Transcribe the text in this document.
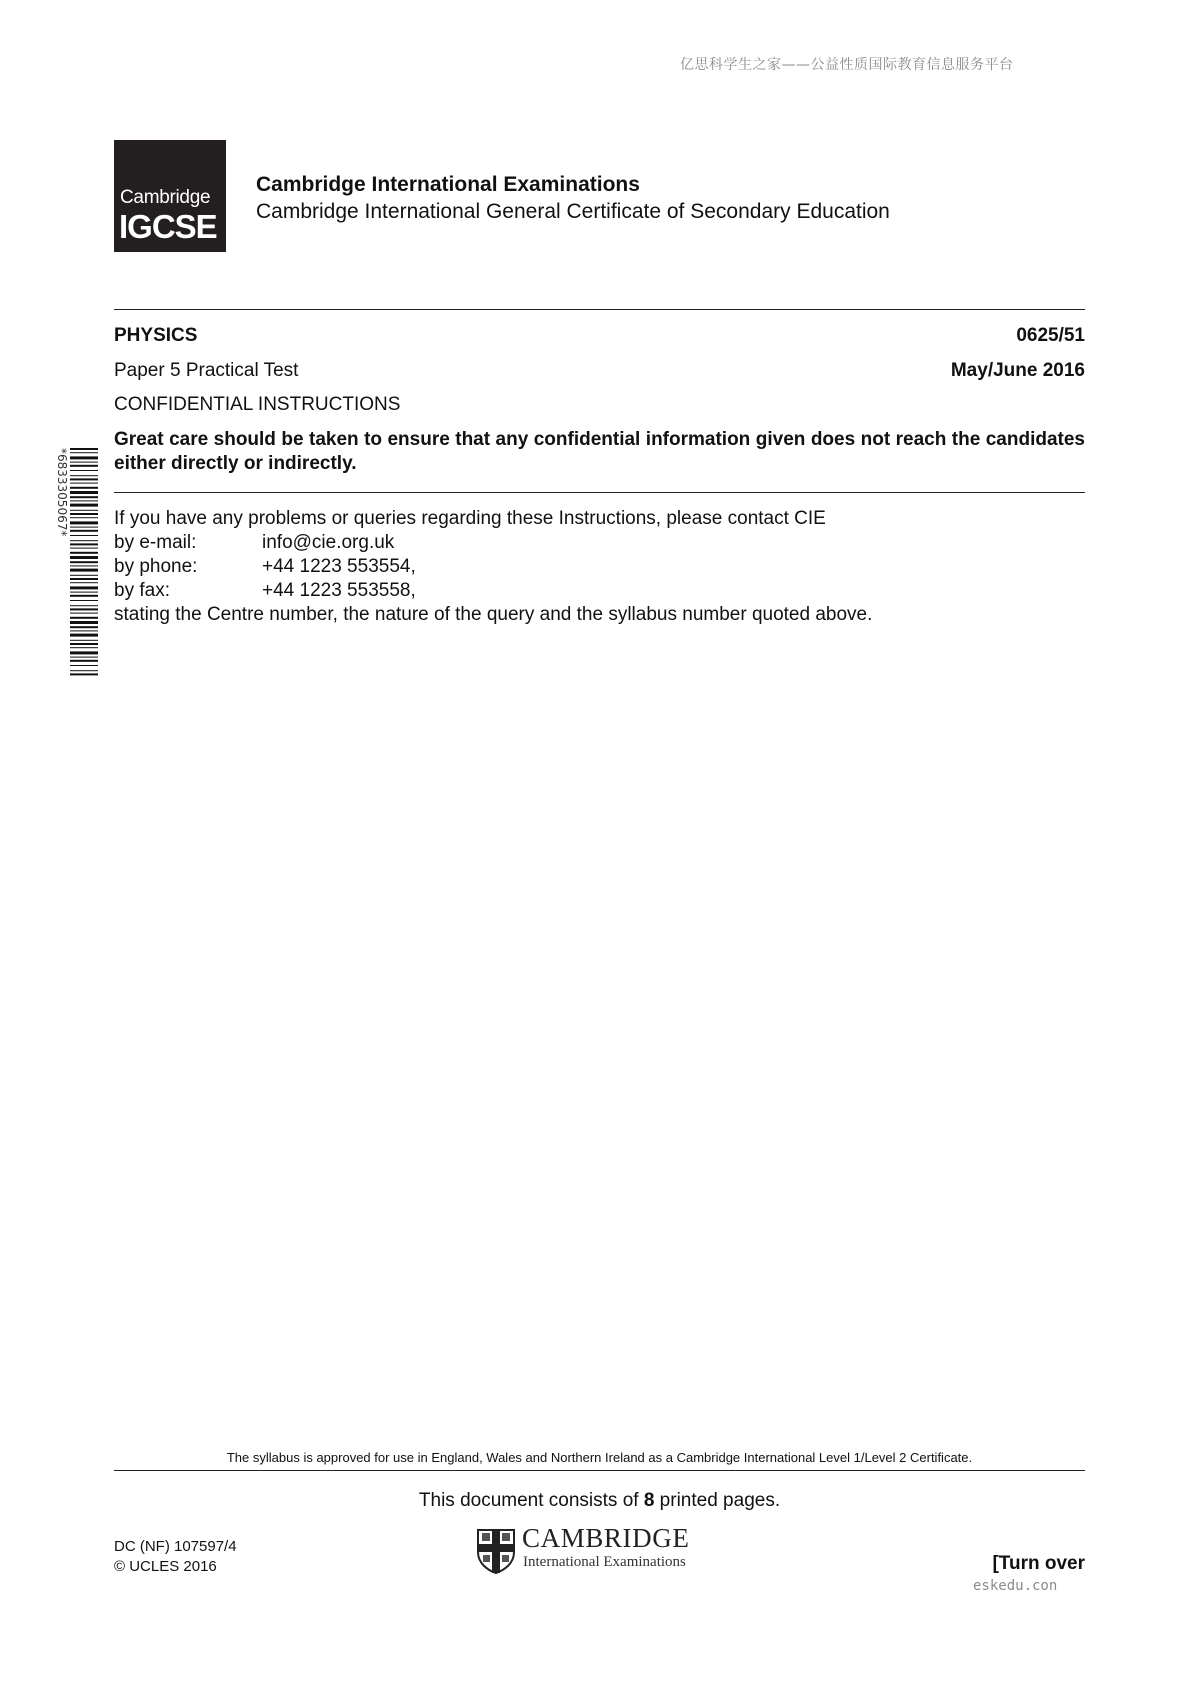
亿思科学生之家——公益性质国际教育信息服务平台
Cambridge
IGCSE
Cambridge International Examinations
Cambridge International General Certificate of Secondary Education
PHYSICS	0625/51
Paper 5 Practical Test	May/June 2016
CONFIDENTIAL INSTRUCTIONS
Great care should be taken to ensure that any confidential information given does not reach the candidates either directly or indirectly.
*6833305067* If you have any problems or queries regarding these Instructions, please contact CIE
by e-mail:	info@cie.org.uk
by phone:	+44 1223 553554,
by fax:	+44 1223 553558,
stating the Centre number, the nature of the query and the syllabus number quoted above.
The syllabus is approved for use in England, Wales and Northern Ireland as a Cambridge International Level 1/Level 2 Certificate.
This document consists of 8 printed pages.
DC (NF) 107597/4
© UCLES 2016
CAMBRIDGE
International Examinations	[Turn over
eskedu.con
